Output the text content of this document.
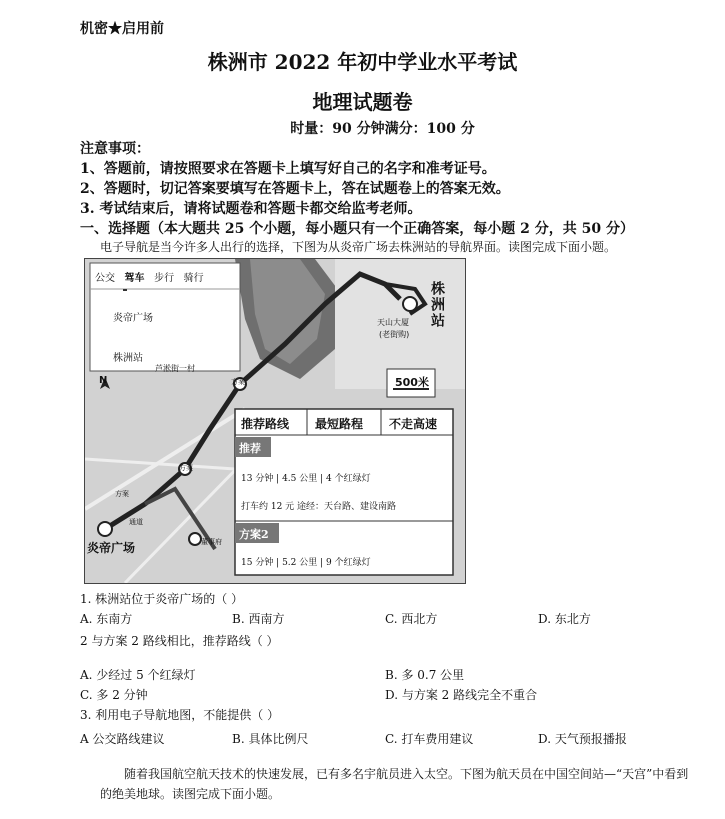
机密★启用前
株洲市 2022 年初中学业水平考试
地理试题卷
时量：90 分钟满分：100 分
注意事项：
1、答题前，请按照要求在答题卡上填写好自己的名字和准考证号。
2、答题时，切记答案要填写在答题卡上，答在试题卷上的答案无效。
3. 考试结束后，请将试题卷和答题卡都交给监考老师。
一、选择题（本大题共 25 个小题，每小题只有一个正确答案，每小题 2 分，共 50 分）
电子导航是当今许多人出行的选择，下图为从炎帝广场去株洲站的导航界面。读图完成下面小题。
公交 驾车 步行 骑行
炎帝广场
株洲站
N
芦淞街一村
株洲站
天山大厦
(老街购)
500米
推荐路线 最短路程 不走高速
推荐
13 分钟 | 4.5 公里 | 4 个红绿灯
打车约 12 元 途经：天台路、建设南路
方案2
15 分钟 | 5.2 公里 | 9 个红绿灯
炎帝广场
方案
方案
方案
通道
董事府
1. 株洲站位于炎帝广场的（ ）
A. 东南方	B. 西南方	C. 西北方	D. 东北方
2 与方案 2 路线相比，推荐路线（ ）
A. 少经过 5 个红绿灯	B. 多 0.7 公里
C. 多 2 分钟	D. 与方案 2 路线完全不重合
3. 利用电子导航地图，不能提供（ ）
A 公交路线建议	B. 具体比例尺	C. 打车费用建议	D. 天气预报播报
随着我国航空航天技术的快速发展，已有多名宇航员进入太空。下图为航天员在中国空间站—“天宫”中看到的绝美地球。读图完成下面小题。
